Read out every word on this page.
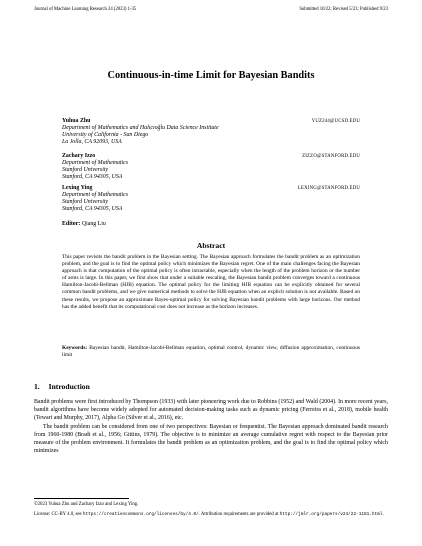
Journal of Machine Learning Research 24 (2023) 1-35	Submitted 10/22; Revised 5/23; Published 9/23
Continuous-in-time Limit for Bayesian Bandits
Yuhua Zhu	YUZ244@UCSD.EDU
Department of Mathematics and Halıcıoğlu Data Science Institute
University of California - San Diego
La Jolla, CA 92093, USA
Zachary Izzo	ZIZZO@STANFORD.EDU
Department of Mathematics
Stanford University
Stanford, CA 94305, USA
Lexing Ying	LEXING@STANFORD.EDU
Department of Mathematics
Stanford University
Stanford, CA 94305, USA
Editor: Qiang Liu
Abstract
This paper revisits the bandit problem in the Bayesian setting. The Bayesian approach formulates the bandit problem as an optimization problem, and the goal is to find the optimal policy which minimizes the Bayesian regret. One of the main challenges facing the Bayesian approach is that computation of the optimal policy is often intractable, especially when the length of the problem horizon or the number of arms is large. In this paper, we first show that under a suitable rescaling, the Bayesian bandit problem converges toward a continuous Hamilton-Jacobi-Bellman (HJB) equation. The optimal policy for the limiting HJB equation can be explicitly obtained for several common bandit problems, and we give numerical methods to solve the HJB equation when an explicit solution is not available. Based on these results, we propose an approximate Bayes-optimal policy for solving Bayesian bandit problems with large horizons. Our method has the added benefit that its computational cost does not increase as the horizon increases.
Keywords: Bayesian bandit, Hamilton-Jacobi-Bellman equation, optimal control, dynamic view, diffusion approximation, continuous limit
1. Introduction

Bandit problems were first introduced by Thompson (1933) with later pioneering work due to Robbins (1952) and Wald (2004). In more recent years, bandit algorithms have become widely adopted for automated decision-making tasks such as dynamic pricing (Ferreira et al., 2018), mobile health (Tewari and Murphy, 2017), Alpha Go (Silver et al., 2016), etc.

The bandit problem can be considered from one of two perspectives: Bayesian or frequentist. The Bayesian approach dominated bandit research from 1960-1980 (Bradt et al., 1956; Gittins, 1979). The objective is to minimize an average cumulative regret with respect to the Bayesian prior measure of the problem environment. It formulates the bandit problem as an optimization problem, and the goal is to find the optimal policy which minimizes

©2023 Yuhua Zhu and Zachary Izzo and Lexing Ying.
License: CC-BY 4.0, see https://creativecommons.org/licenses/by/4.0/. Attribution requirements are provided at http://jmlr.org/papers/v24/22-1181.html.
